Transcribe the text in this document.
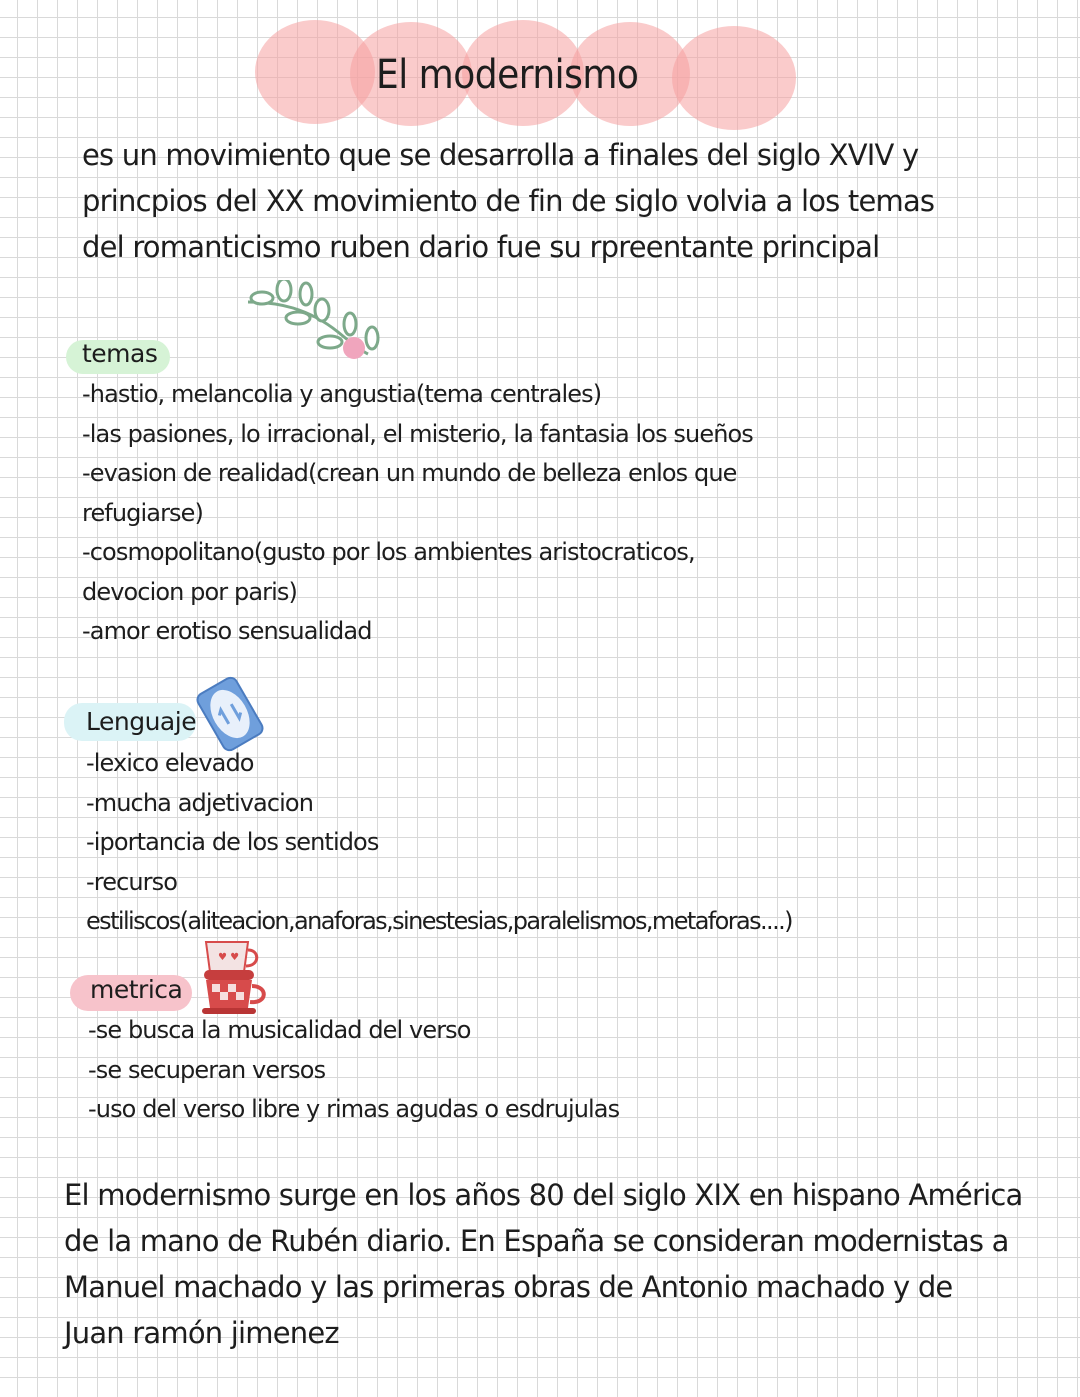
El modernismo

es un movimiento que se desarrolla a finales del siglo XVIV y

princpios del XX movimiento de fin de siglo volvia a los temas

del romanticismo ruben dario fue su rpreentante principal

temas
-hastio, melancolia y angustia(tema centrales)
-las pasiones, lo irracional, el misterio, la fantasia los sueños
-evasion de realidad(crean un mundo de belleza enlos que
refugiarse)
-cosmopolitano(gusto por los ambientes aristocraticos,
devocion por paris)
-amor erotiso sensualidad
Lenguaje
-lexico elevado
-mucha adjetivacion
-iportancia de los sentidos
-recurso
estiliscos(aliteacion,anaforas,sinestesias,paralelismos,metaforas....)
♥ ♥
metrica
-se busca la musicalidad del verso
-se secuperan versos
-uso del verso libre y rimas agudas o esdrujulas

El modernismo surge en los años 80 del siglo XIX en hispano América

de la mano de Rubén diario. En España se consideran modernistas a

Manuel machado y las primeras obras de Antonio machado y de

Juan ramón jimenez
